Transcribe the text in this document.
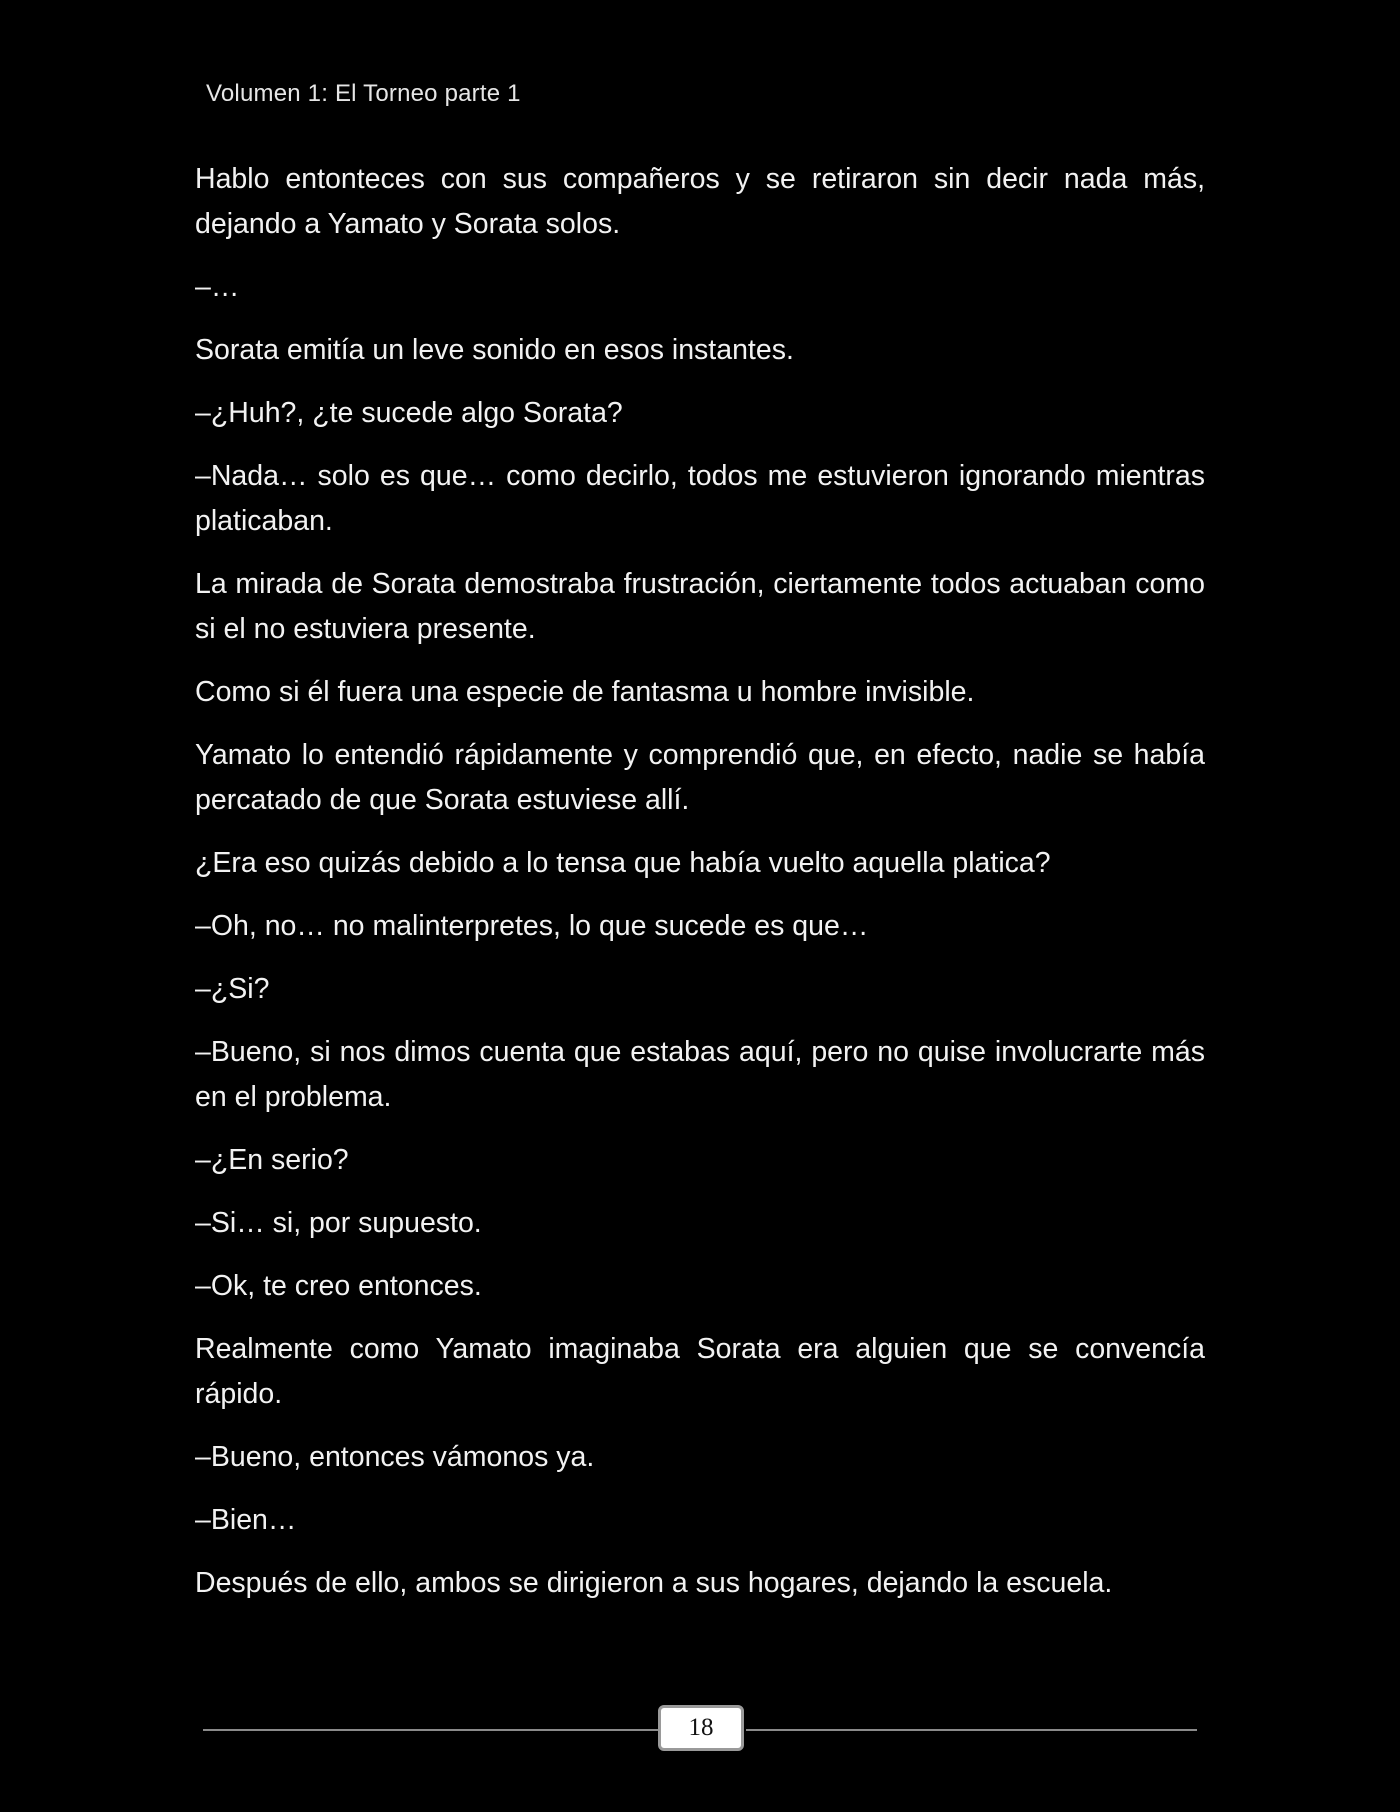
Volumen 1: El Torneo parte 1

Hablo entonteces con sus compañeros y se retiraron sin decir nada más, dejando a Yamato y Sorata solos.

–…

Sorata emitía un leve sonido en esos instantes.

–¿Huh?, ¿te sucede algo Sorata?

–Nada… solo es que… como decirlo, todos me estuvieron ignorando mientras platicaban.

La mirada de Sorata demostraba frustración, ciertamente todos actuaban como si el no estuviera presente.

Como si él fuera una especie de fantasma u hombre invisible.

Yamato lo entendió rápidamente y comprendió que, en efecto, nadie se había percatado de que Sorata estuviese allí.

¿Era eso quizás debido a lo tensa que había vuelto aquella platica?

–Oh, no… no malinterpretes, lo que sucede es que…

–¿Si?

–Bueno, si nos dimos cuenta que estabas aquí, pero no quise involucrarte más en el problema.

–¿En serio?

–Si… si, por supuesto.

–Ok, te creo entonces.

Realmente como Yamato imaginaba Sorata era alguien que se convencía rápido.

–Bueno, entonces vámonos ya.

–Bien…

Después de ello, ambos se dirigieron a sus hogares, dejando la escuela.

18
